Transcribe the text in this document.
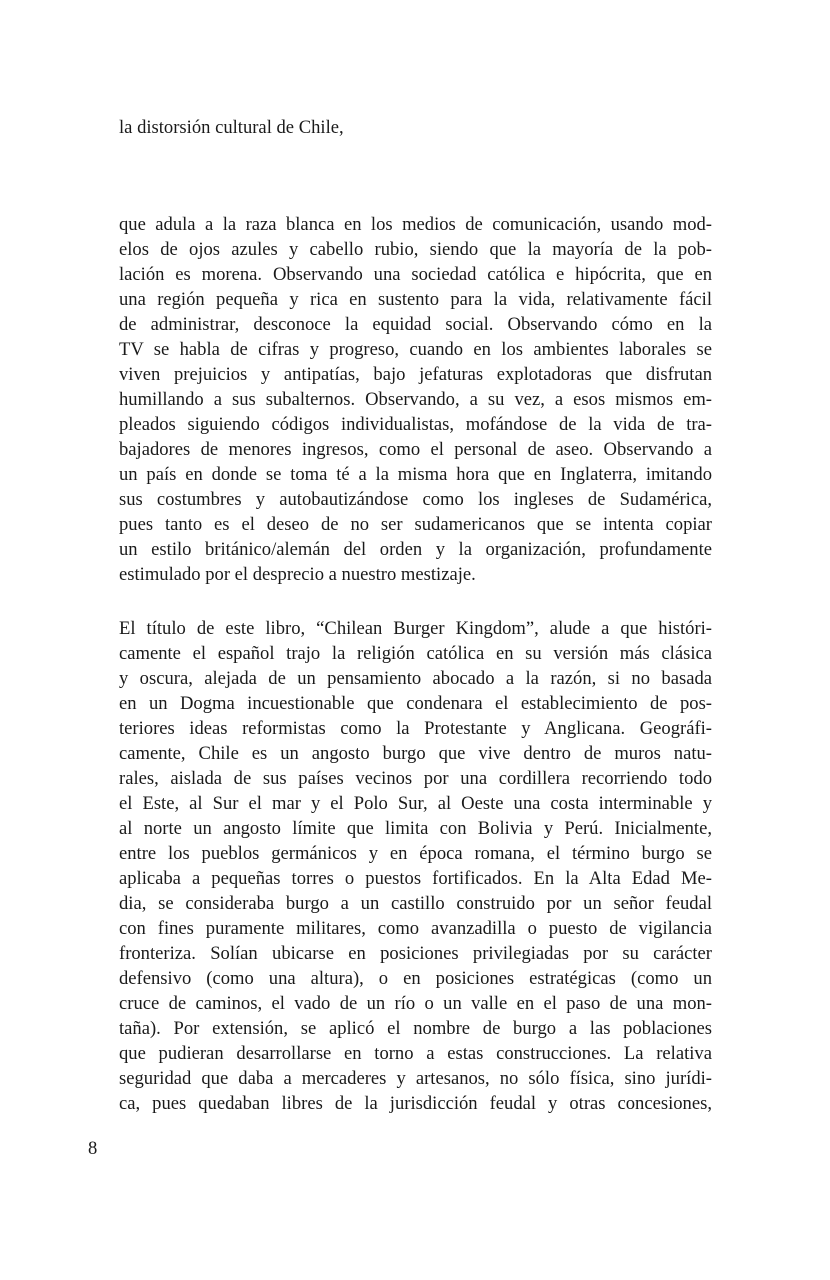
la distorsión cultural de Chile,
que adula a la raza blanca en los medios de comunicación, usando mod-
elos de ojos azules y cabello rubio, siendo que la mayoría de la pob-
lación es morena. Observando una sociedad católica e hipócrita, que en
una región pequeña y rica en sustento para la vida, relativamente fácil
de administrar, desconoce la equidad social. Observando cómo en la
TV se habla de cifras y progreso, cuando en los ambientes laborales se
viven prejuicios y antipatías, bajo jefaturas explotadoras que disfrutan
humillando a sus subalternos. Observando, a su vez, a esos mismos em-
pleados siguiendo códigos individualistas, mofándose de la vida de tra-
bajadores de menores ingresos, como el personal de aseo. Observando a
un país en donde se toma té a la misma hora que en Inglaterra, imitando
sus costumbres y autobautizándose como los ingleses de Sudamérica,
pues tanto es el deseo de no ser sudamericanos que se intenta copiar
un estilo británico/alemán del orden y la organización, profundamente
estimulado por el desprecio a nuestro mestizaje.
El título de este libro, “Chilean Burger Kingdom”, alude a que históri-
camente el español trajo la religión católica en su versión más clásica
y oscura, alejada de un pensamiento abocado a la razón, si no basada
en un Dogma incuestionable que condenara el establecimiento de pos-
teriores ideas reformistas como la Protestante y Anglicana. Geográfi-
camente, Chile es un angosto burgo que vive dentro de muros natu-
rales, aislada de sus países vecinos por una cordillera recorriendo todo
el Este, al Sur el mar y el Polo Sur, al Oeste una costa interminable y
al norte un angosto límite que limita con Bolivia y Perú. Inicialmente,
entre los pueblos germánicos y en época romana, el término burgo se
aplicaba a pequeñas torres o puestos fortificados. En la Alta Edad Me-
dia, se consideraba burgo a un castillo construido por un señor feudal
con fines puramente militares, como avanzadilla o puesto de vigilancia
fronteriza. Solían ubicarse en posiciones privilegiadas por su carácter
defensivo (como una altura), o en posiciones estratégicas (como un
cruce de caminos, el vado de un río o un valle en el paso de una mon-
taña). Por extensión, se aplicó el nombre de burgo a las poblaciones
que pudieran desarrollarse en torno a estas construcciones. La relativa
seguridad que daba a mercaderes y artesanos, no sólo física, sino jurídi-
ca, pues quedaban libres de la jurisdicción feudal y otras concesiones,
8
